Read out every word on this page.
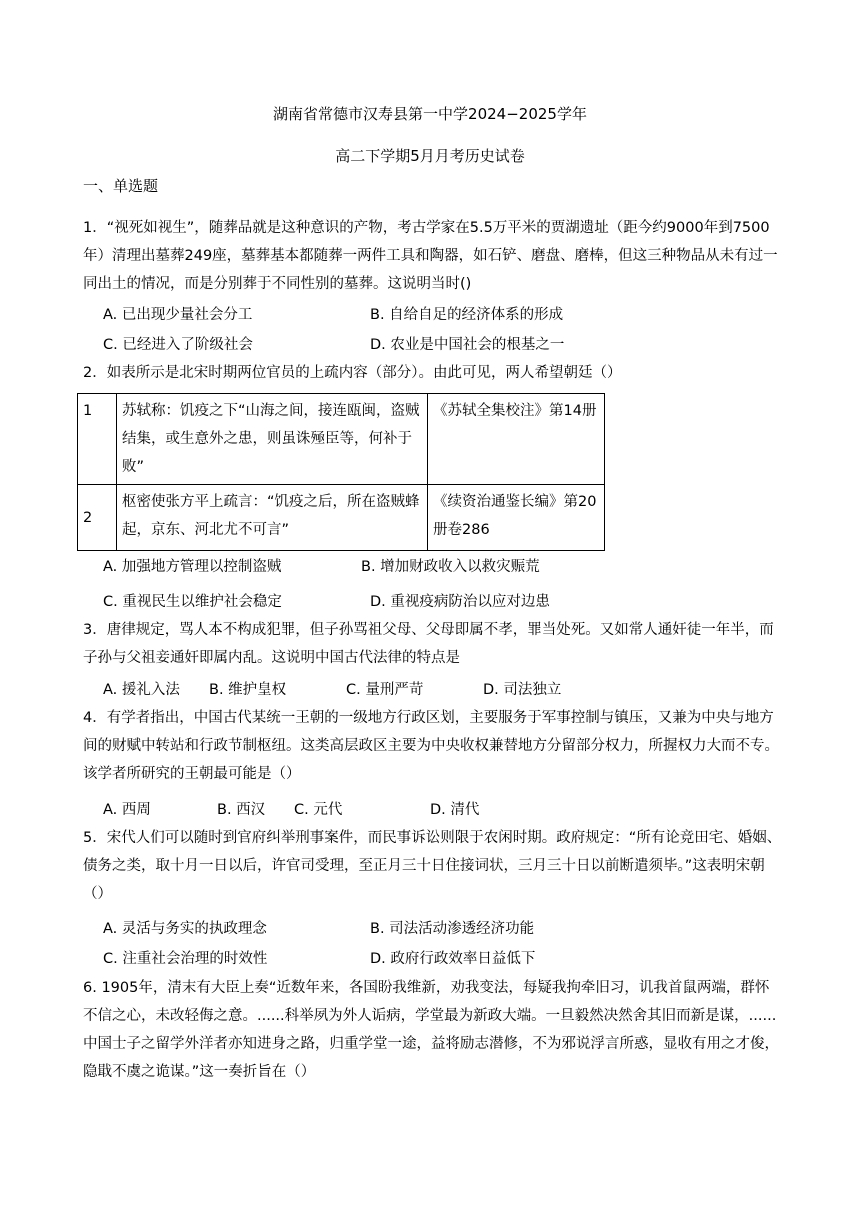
湖南省常德市汉寿县第一中学2024−2025学年
高二下学期5月月考历史试卷
一、单选题

1．“视死如视生”，随葬品就是这种意识的产物，考古学家在5.5万平米的贾湖遗址（距今约9000年到7500年）清理出墓葬249座，墓葬基本都随葬一两件工具和陶器，如石铲、磨盘、磨棒，但这三种物品从未有过一同出土的情况，而是分别葬于不同性别的墓葬。这说明当时()

A. 已出现少量社会分工	B. 自给自足的经济体系的形成
C. 已经进入了阶级社会	D. 农业是中国社会的根基之一

2．如表所示是北宋时期两位官员的上疏内容（部分）。由此可见，两人希望朝廷（）

1	苏轼称：饥疫之下“山海之间，接连瓯闽，盗贼结集，或生意外之患，则虽诛殛臣等，何补于败”	《苏轼全集校注》第14册
2	枢密使张方平上疏言：“饥疫之后，所在盗贼蜂起，京东、河北尤不可言”	《续资治通鉴长编》第20册卷286
A. 加强地方管理以控制盗贼	B. 增加财政收入以救灾赈荒
C. 重视民生以维护社会稳定	D. 重视疫病防治以应对边患

3．唐律规定，骂人本不构成犯罪，但子孙骂祖父母、父母即属不孝，罪当处死。又如常人通奸徒一年半，而子孙与父祖妾通奸即属内乱。这说明中国古代法律的特点是

A. 援礼入法 B. 维护皇权	C. 量刑严苛	D. 司法独立

4．有学者指出，中国古代某统一王朝的一级地方行政区划，主要服务于军事控制与镇压，又兼为中央与地方间的财赋中转站和行政节制枢纽。这类高层政区主要为中央收权兼替地方分留部分权力，所握权力大而不专。该学者所研究的王朝最可能是（）

A. 西周	B. 西汉 C. 元代	D. 清代

5．宋代人们可以随时到官府纠举刑事案件，而民事诉讼则限于农闲时期。政府规定：“所有论竞田宅、婚姻、债务之类，取十月一日以后，许官司受理，至正月三十日住接词状，三月三十日以前断遣须毕。”这表明宋朝（）

A. 灵活与务实的执政理念	B. 司法活动渗透经济功能
C. 注重社会治理的时效性	D. 政府行政效率日益低下

6. 1905年，清末有大臣上奏“近数年来，各国盼我维新，劝我变法，每疑我拘牵旧习，讥我首鼠两端，群怀不信之心，未改轻侮之意。......科举夙为外人诟病，学堂最为新政大端。一旦毅然决然舍其旧而新是谋，......中国士子之留学外洋者亦知进身之路，归重学堂一途，益将励志潜修，不为邪说浮言所惑，显收有用之才俊，隐戢不虞之诡谋。”这一奏折旨在（）
